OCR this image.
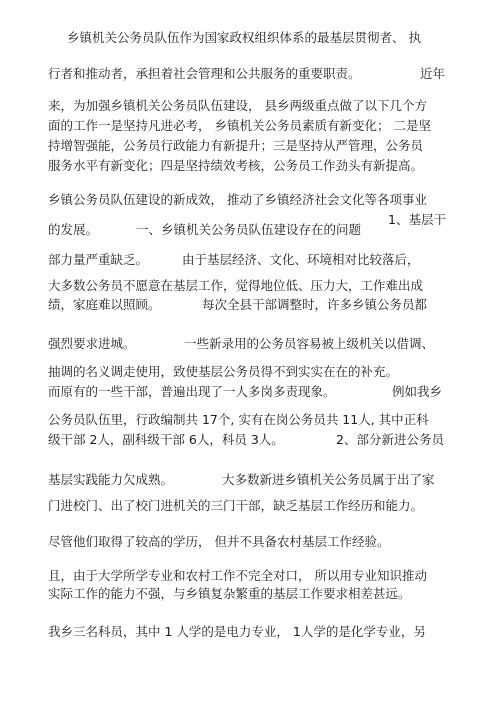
乡镇机关公务员队伍作为国家政权组织体系的最基层贯彻者、 执
行者和推动者，承担着社会管理和公共服务的重要职责。	近年
来，为加强乡镇机关公务员队伍建设， 县乡两级重点做了以下几个方
面的工作一是坚持凡进必考， 乡镇机关公务员素质有新变化； 二是坚
持增智强能，公务员行政能力有新提升；三是坚持从严管理，公务员
服务水平有新变化；四是坚持绩效考核，公务员工作劲头有新提高。
乡镇公务员队伍建设的新成效， 推动了乡镇经济社会文化等各项事业
的发展。	一、乡镇机关公务员队伍建设存在的问题
1、基层干
部力量严重缺乏。	由于基层经济、文化、环境相对比较落后，
大多数公务员不愿意在基层工作，觉得地位低、压力大，工作难出成
绩，家庭难以照顾。	每次全县干部调整时，许多乡镇公务员都
强烈要求进城。	一些新录用的公务员容易被上级机关以借调、
抽调的名义调走使用，致使基层公务员得不到实实在在的补充。
而原有的一些干部，普遍出现了一人多岗多责现象。	例如我乡
公务员队伍里，行政编制共 17个, 实有在岗公务员共 11人, 其中正科
级干部 2人，副科级干部 6人，科员 3人。	2、部分新进公务员
基层实践能力欠成熟。	大多数新进乡镇机关公务员属于出了家
门进校门、出了校门进机关的三门干部，缺乏基层工作经历和能力。
尽管他们取得了较高的学历， 但并不具备农村基层工作经验。
且，由于大学所学专业和农村工作不完全对口， 所以用专业知识推动
实际工作的能力不强，与乡镇复杂繁重的基层工作要求相差甚远。
我乡三名科员，其中 1 人学的是电力专业， 1人学的是化学专业，另
